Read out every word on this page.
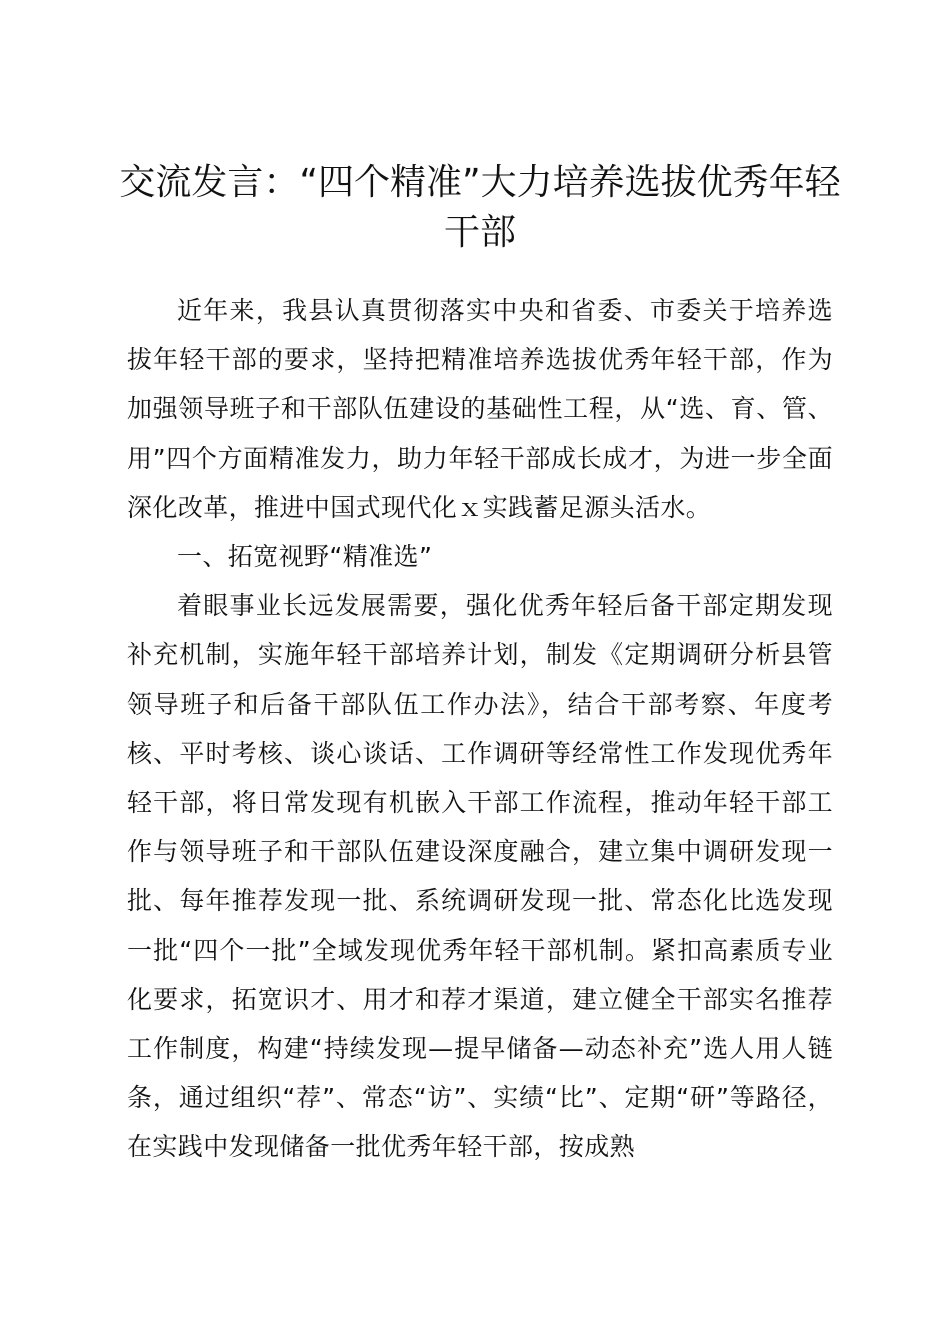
交流发言：“四个精准”大力培养选拔优秀年轻干部

近年来，我县认真贯彻落实中央和省委、市委关于培养选拔年轻干部的要求，坚持把精准培养选拔优秀年轻干部，作为加强领导班子和干部队伍建设的基础性工程，从“选、育、管、用”四个方面精准发力，助力年轻干部成长成才，为进一步全面深化改革，推进中国式现代化ｘ实践蓄足源头活水。

一、拓宽视野“精准选”

着眼事业长远发展需要，强化优秀年轻后备干部定期发现补充机制，实施年轻干部培养计划，制发《定期调研分析县管领导班子和后备干部队伍工作办法》，结合干部考察、年度考核、平时考核、谈心谈话、工作调研等经常性工作发现优秀年轻干部，将日常发现有机嵌入干部工作流程，推动年轻干部工作与领导班子和干部队伍建设深度融合，建立集中调研发现一批、每年推荐发现一批、系统调研发现一批、常态化比选发现一批“四个一批”全域发现优秀年轻干部机制。紧扣高素质专业化要求，拓宽识才、用才和荐才渠道，建立健全干部实名推荐工作制度，构建“持续发现—提早储备—动态补充”选人用人链条，通过组织“荐”、常态“访”、实绩“比”、定期“研”等路径，在实践中发现储备一批优秀年轻干部，按成熟
